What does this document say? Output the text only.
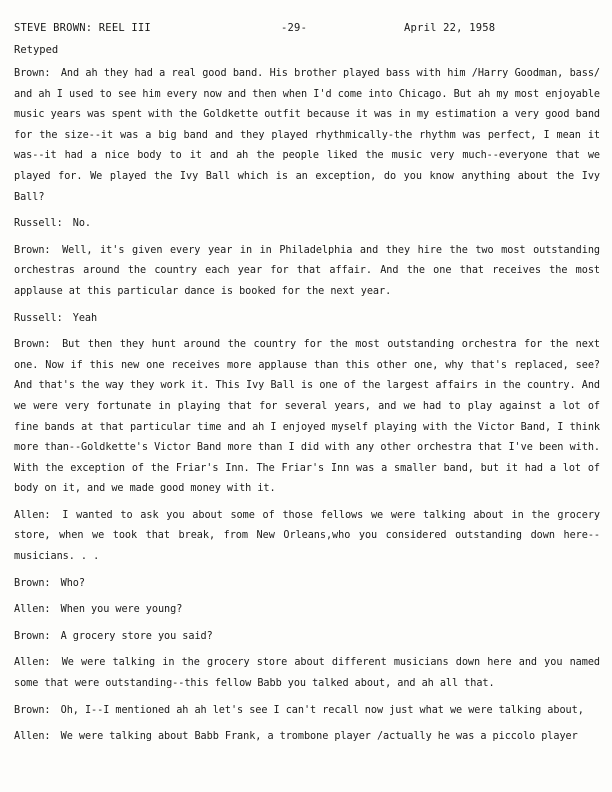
STEVE BROWN: REEL III	-29-	April 22, 1958
Retyped

Brown: And ah they had a real good band. His brother played bass with him /Harry Goodman, bass/ and ah I used to see him every now and then when I'd come into Chicago. But ah my most enjoyable music years was spent with the Goldkette outfit because it was in my estimation a very good band for the size--it was a big band and they played rhythmically-the rhythm was perfect, I mean it was--it had a nice body to it and ah the people liked the music very much--everyone that we played for. We played the Ivy Ball which is an exception, do you know anything about the Ivy Ball?

Russell: No.

Brown: Well, it's given every year in in Philadelphia and they hire the two most outstanding orchestras around the country each year for that affair. And the one that receives the most applause at this particular dance is booked for the next year.

Russell: Yeah

Brown: But then they hunt around the country for the most outstanding orchestra for the next one. Now if this new one receives more applause than this other one, why that's replaced, see? And that's the way they work it. This Ivy Ball is one of the largest affairs in the country. And we were very fortunate in playing that for several years, and we had to play against a lot of fine bands at that particular time and ah I enjoyed myself playing with the Victor Band, I think more than--Goldkette's Victor Band more than I did with any other orchestra that I've been with. With the exception of the Friar's Inn. The Friar's Inn was a smaller band, but it had a lot of body on it, and we made good money with it.

Allen: I wanted to ask you about some of those fellows we were talking about in the grocery store, when we took that break, from New Orleans,who you considered outstanding down here--musicians. . .

Brown: Who?

Allen: When you were young?

Brown: A grocery store you said?

Allen: We were talking in the grocery store about different musicians down here and you named some that were outstanding--this fellow Babb you talked about, and ah all that.

Brown: Oh, I--I mentioned ah ah let's see I can't recall now just what we were talking about,

Allen: We were talking about Babb Frank, a trombone player /actually he was a piccolo player
